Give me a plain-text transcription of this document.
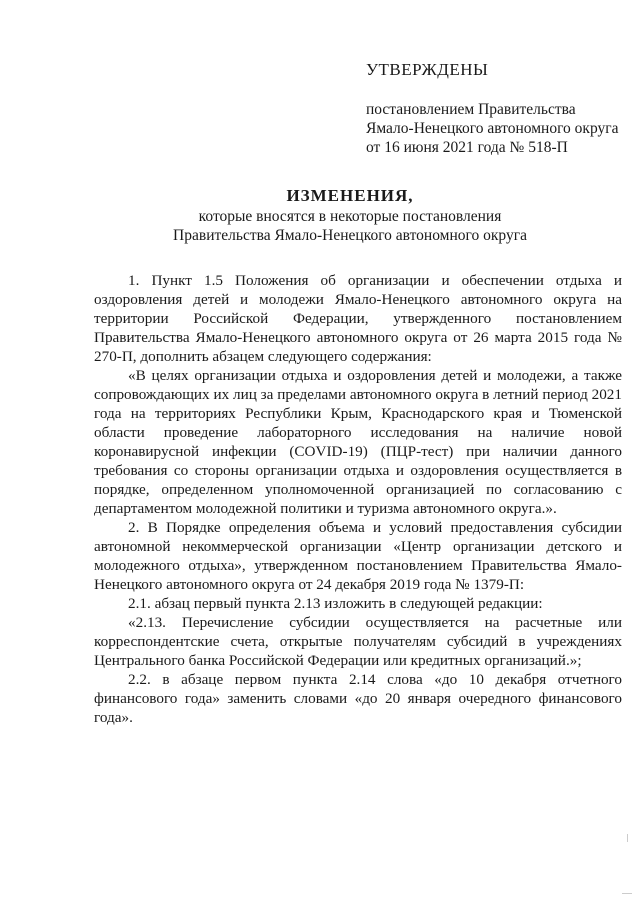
УТВЕРЖДЕНЫ
постановлением Правительства
Ямало-Ненецкого автономного округа
от 16 июня 2021 года № 518-П
ИЗМЕНЕНИЯ,
которые вносятся в некоторые постановления
Правительства Ямало-Ненецкого автономного округа

1. Пункт 1.5 Положения об организации и обеспечении отдыха и оздоровления детей и молодежи Ямало-Ненецкого автономного округа на территории Российской Федерации, утвержденного постановлением Правительства Ямало-Ненецкого автономного округа от 26 марта 2015 года № 270-П, дополнить абзацем следующего содержания:

«В целях организации отдыха и оздоровления детей и молодежи, а также сопровождающих их лиц за пределами автономного округа в летний период 2021 года на территориях Республики Крым, Краснодарского края и Тюменской области проведение лабораторного исследования на наличие новой коронавирусной инфекции (COVID-19) (ПЦР-тест) при наличии данного требования со стороны организации отдыха и оздоровления осуществляется в порядке, определенном уполномоченной организацией по согласованию с департаментом молодежной политики и туризма автономного округа.».

2. В Порядке определения объема и условий предоставления субсидии автономной некоммерческой организации «Центр организации детского и молодежного отдыха», утвержденном постановлением Правительства Ямало-Ненецкого автономного округа от 24 декабря 2019 года № 1379-П:

2.1. абзац первый пункта 2.13 изложить в следующей редакции:

«2.13. Перечисление субсидии осуществляется на расчетные или корреспондентские счета, открытые получателям субсидий в учреждениях Центрального банка Российской Федерации или кредитных организаций.»;

2.2. в абзаце первом пункта 2.14 слова «до 10 декабря отчетного финансового года» заменить словами «до 20 января очередного финансового года».
